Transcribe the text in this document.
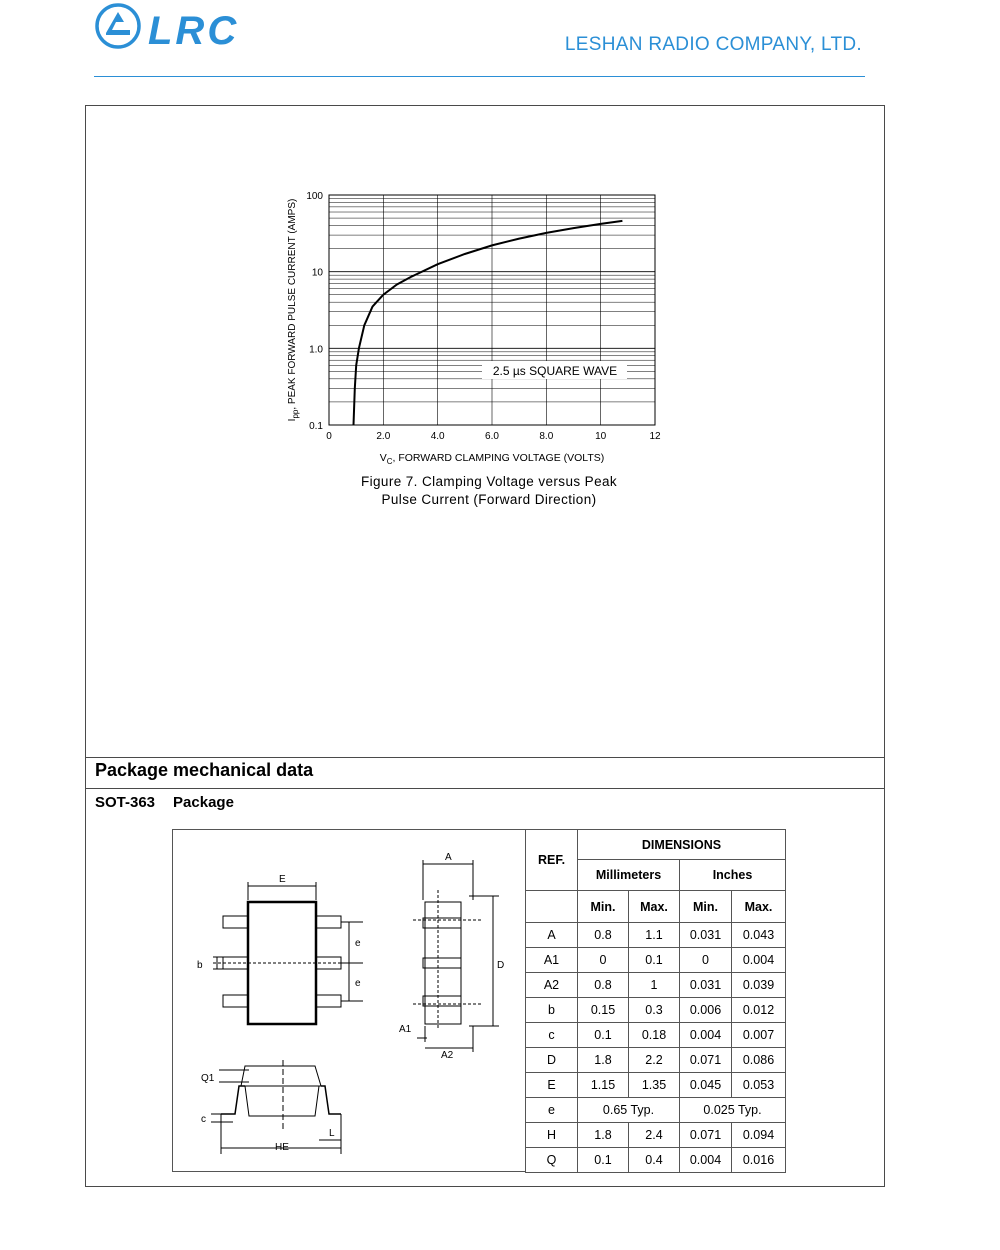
LRC	LESHAN RADIO COMPANY, LTD.
0	2.0	4.0	6.0	8.0	10	12
0.1
1.0
10
100
2.5 µs SQUARE WAVE
$I_{pp}$, PEAK FORWARD PULSE CURRENT (AMPS)
$V_C$, FORWARD CLAMPING VOLTAGE (VOLTS)
Figure 7. Clamping Voltage versus Peak
Pulse Current (Forward Direction)
Package mechanical data
SOT-363 Package
E
A
D
b
e
e
A1
A2
Q1
c
L
HE
REF.	DIMENSIONS			
	Millimeters		Inches	
	Min.	Max.	Min.	Max.
A	0.8	1.1	0.031	0.043
A1	0	0.1	0	0.004
A2	0.8	1	0.031	0.039
b	0.15	0.3	0.006	0.012
c	0.1	0.18	0.004	0.007
D	1.8	2.2	0.071	0.086
E	1.15	1.35	0.045	0.053
e	0.65 Typ.		0.025 Typ.	
H	1.8	2.4	0.071	0.094
Q	0.1	0.4	0.004	0.016
